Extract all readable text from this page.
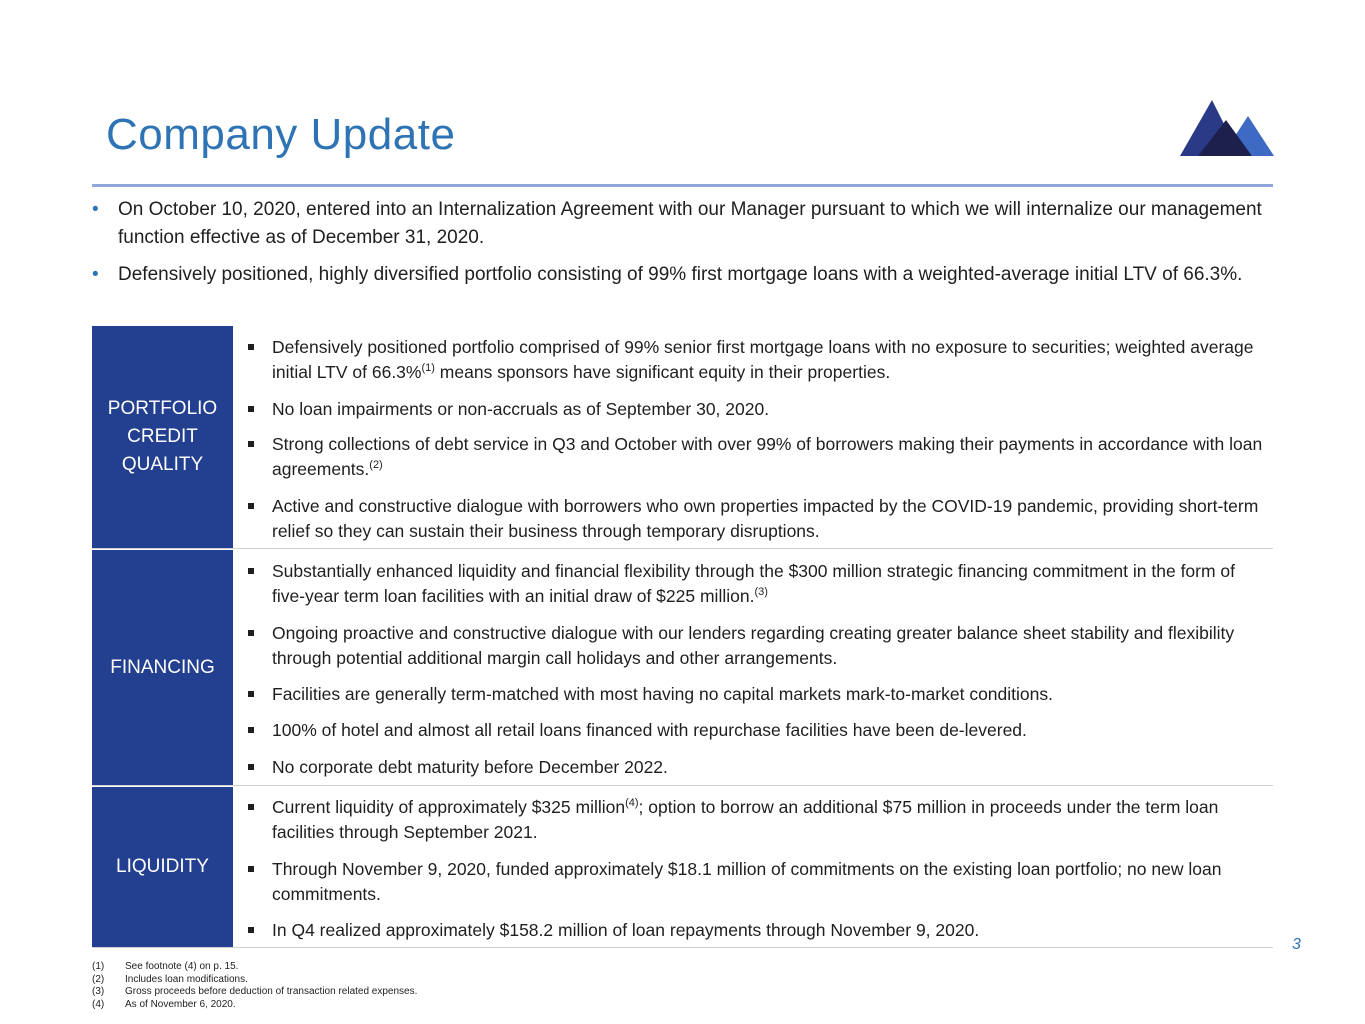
Company Update
• On October 10, 2020, entered into an Internalization Agreement with our Manager pursuant to which we will internalize our management function effective as of December 31, 2020.
• Defensively positioned, highly diversified portfolio consisting of 99% first mortgage loans with a weighted-average initial LTV of 66.3%.
PORTFOLIO
CREDIT
QUALITY
Defensively positioned portfolio comprised of 99% senior first mortgage loans with no exposure to securities; weighted average initial LTV of 66.3%$^{(1)}$ means sponsors have significant equity in their properties.
No loan impairments or non-accruals as of September 30, 2020.
Strong collections of debt service in Q3 and October with over 99% of borrowers making their payments in accordance with loan agreements.$^{(2)}$
Active and constructive dialogue with borrowers who own properties impacted by the COVID-19 pandemic, providing short-term relief so they can sustain their business through temporary disruptions.
FINANCING
Substantially enhanced liquidity and financial flexibility through the $300 million strategic financing commitment in the form of five-year term loan facilities with an initial draw of $225 million.$^{(3)}$
Ongoing proactive and constructive dialogue with our lenders regarding creating greater balance sheet stability and flexibility through potential additional margin call holidays and other arrangements.
Facilities are generally term-matched with most having no capital markets mark-to-market conditions.
100% of hotel and almost all retail loans financed with repurchase facilities have been de-levered.
No corporate debt maturity before December 2022.
LIQUIDITY
Current liquidity of approximately $325 million$^{(4)}$; option to borrow an additional $75 million in proceeds under the term loan facilities through September 2021.
Through November 9, 2020, funded approximately $18.1 million of commitments on the existing loan portfolio; no new loan commitments.
In Q4 realized approximately $158.2 million of loan repayments through November 9, 2020.
3
(1)	See footnote (4) on p. 15.
(2)	Includes loan modifications.
(3)	Gross proceeds before deduction of transaction related expenses.
(4)	As of November 6, 2020.
